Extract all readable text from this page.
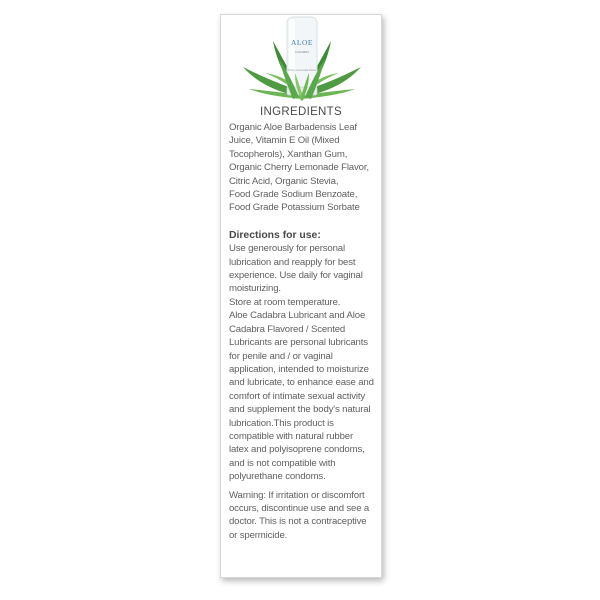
ALOE
CADABRA
Cherry Lemonade Flavor
INGREDIENTS
Organic Aloe Barbadensis Leaf
Juice, Vitamin E Oil (Mixed
Tocopherols), Xanthan Gum,
Organic Cherry Lemonade Flavor,
Citric Acid, Organic Stevia,
Food Grade Sodium Benzoate,
Food Grade Potassium Sorbate
Directions for use:
Use generously for personal
lubrication and reapply for best
experience. Use daily for vaginal
moisturizing.
Store at room temperature.
Aloe Cadabra Lubricant and Aloe
Cadabra Flavored / Scented
Lubricants are personal lubricants
for penile and / or vaginal
application, intended to moisturize
and lubricate, to enhance ease and
comfort of intimate sexual activity
and supplement the body's natural
lubrication.This product is
compatible with natural rubber
latex and polyisoprene condoms,
and is not compatible with
polyurethane condoms.
Warning: If irritation or discomfort
occurs, discontinue use and see a
doctor. This is not a contraceptive
or spermicide.
